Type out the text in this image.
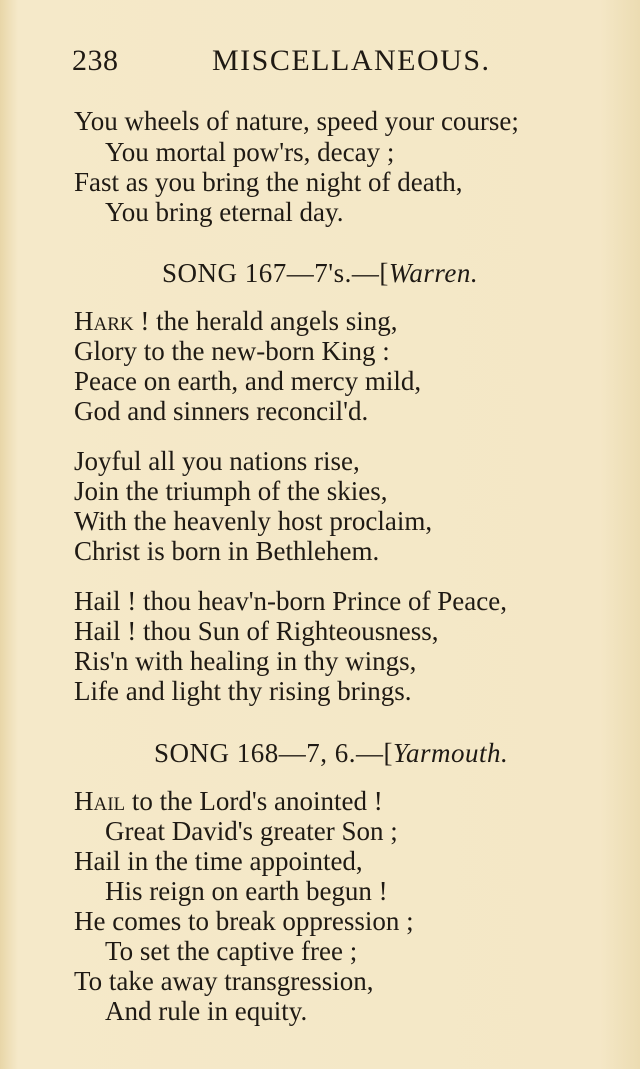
238	MISCELLANEOUS.
You wheels of nature, speed your course;
You mortal pow'rs, decay ;
Fast as you bring the night of death,
You bring eternal day.
SONG 167—7's.—[Warren.
Hark ! the herald angels sing,
Glory to the new-born King :
Peace on earth, and mercy mild,
God and sinners reconcil'd.
Joyful all you nations rise,
Join the triumph of the skies,
With the heavenly host proclaim,
Christ is born in Bethlehem.
Hail ! thou heav'n-born Prince of Peace,
Hail ! thou Sun of Righteousness,
Ris'n with healing in thy wings,
Life and light thy rising brings.
SONG 168—7, 6.—[Yarmouth.
Hail to the Lord's anointed !
Great David's greater Son ;
Hail in the time appointed,
His reign on earth begun !
He comes to break oppression ;
To set the captive free ;
To take away transgression,
And rule in equity.
